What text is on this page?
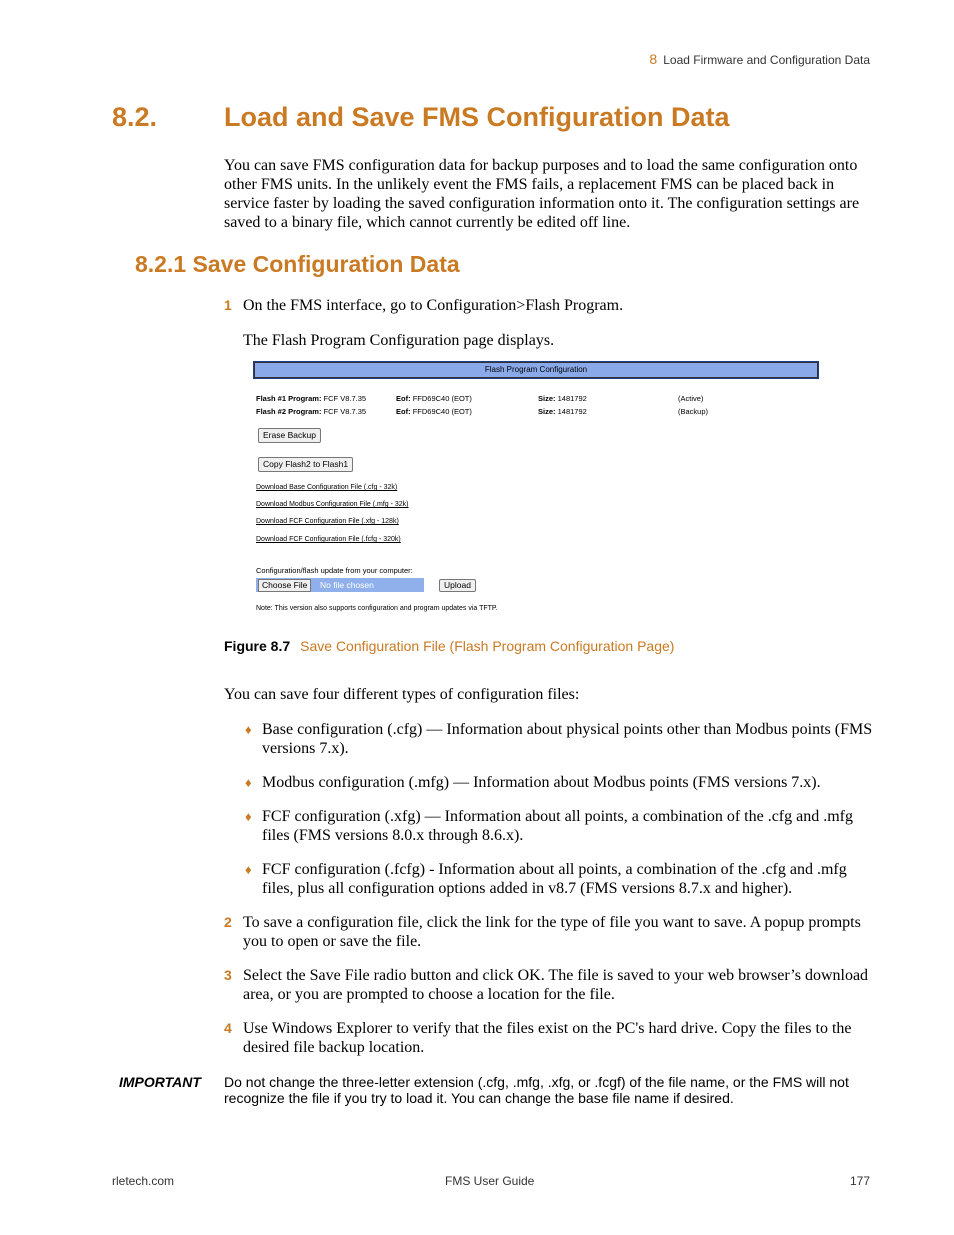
8 Load Firmware and Configuration Data
8.2. Load and Save FMS Configuration Data
You can save FMS configuration data for backup purposes and to load the same configuration onto other FMS units. In the unlikely event the FMS fails, a replacement FMS can be placed back in service faster by loading the saved configuration information onto it. The configuration settings are saved to a binary file, which cannot currently be edited off line.
8.2.1 Save Configuration Data
1 On the FMS interface, go to Configuration>Flash Program.
The Flash Program Configuration page displays.
Flash Program Configuration
Flash #1 Program: FCF V8.7.35	Eof: FFD69C40 (EOT)	Size: 1481792	(Active)
Flash #2 Program: FCF V8.7.35	Eof: FFD69C40 (EOT)	Size: 1481792	(Backup)
Erase Backup
Copy Flash2 to Flash1
Download Base Configuration File (.cfg - 32k)
Download Modbus Configuration File (.mfg - 32k)
Download FCF Configuration File (.xfg - 128k)
Download FCF Configuration File (.fcfg - 320k)
Configuration/flash update from your computer:
Choose File	No file chosen	Upload
Note: This version also supports configuration and program updates via TFTP.
Figure 8.7 Save Configuration File (Flash Program Configuration Page)
You can save four different types of configuration files:
♦ Base configuration (.cfg) — Information about physical points other than Modbus points (FMS versions 7.x).
♦ Modbus configuration (.mfg) — Information about Modbus points (FMS versions 7.x).
♦ FCF configuration (.xfg) — Information about all points, a combination of the .cfg and .mfg files (FMS versions 8.0.x through 8.6.x).
♦ FCF configuration (.fcfg) - Information about all points, a combination of the .cfg and .mfg files, plus all configuration options added in v8.7 (FMS versions 8.7.x and higher).
2 To save a configuration file, click the link for the type of file you want to save. A popup prompts you to open or save the file.
3 Select the Save File radio button and click OK. The file is saved to your web browser’s download area, or you are prompted to choose a location for the file.
4 Use Windows Explorer to verify that the files exist on the PC's hard drive. Copy the files to the desired file backup location.
IMPORTANT Do not change the three-letter extension (.cfg, .mfg, .xfg, or .fcgf) of the file name, or the FMS will not recognize the file if you try to load it. You can change the base file name if desired.
rletech.com	FMS User Guide	177
